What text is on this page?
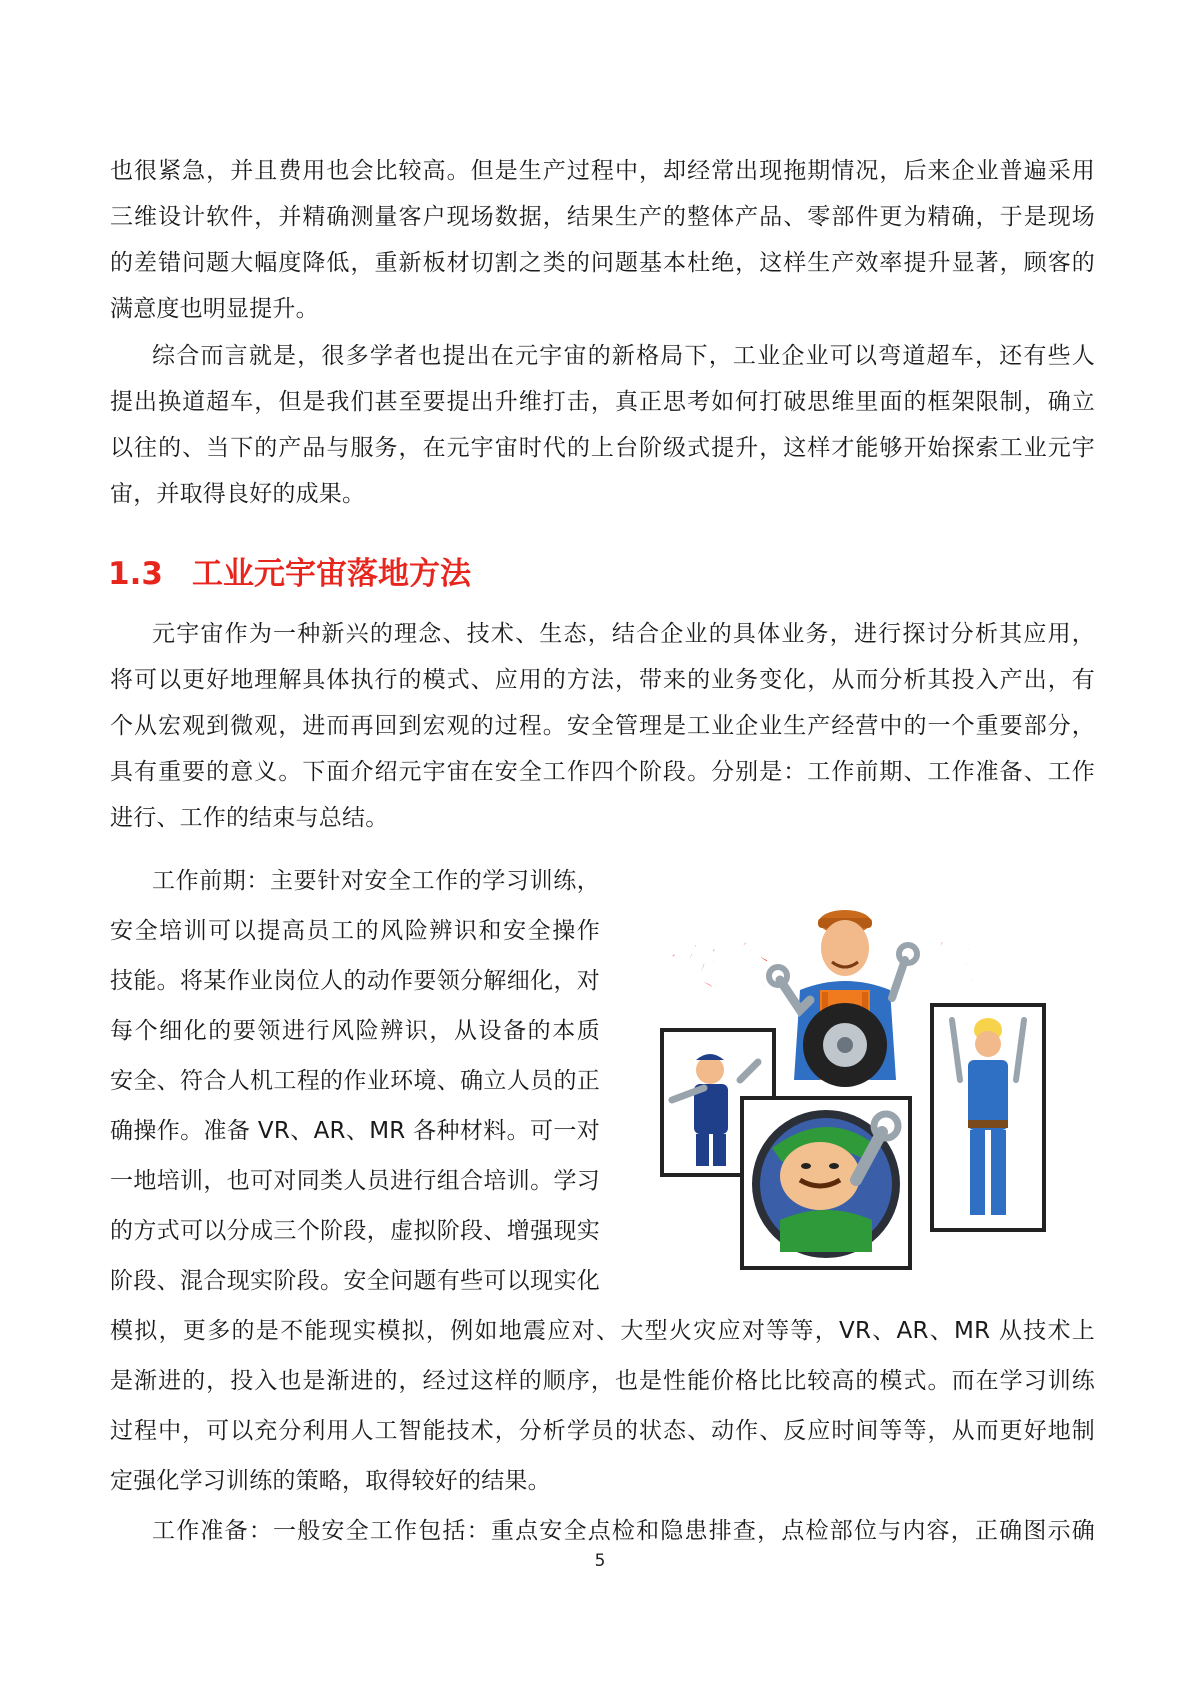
也很紧急，并且费用也会比较高。但是生产过程中，却经常出现拖期情况，后来企业普遍采用
三维设计软件，并精确测量客户现场数据，结果生产的整体产品、零部件更为精确，于是现场
的差错问题大幅度降低，重新板材切割之类的问题基本杜绝，这样生产效率提升显著，顾客的
满意度也明显提升。
综合而言就是，很多学者也提出在元宇宙的新格局下，工业企业可以弯道超车，还有些人
提出换道超车，但是我们甚至要提出升维打击，真正思考如何打破思维里面的框架限制，确立
以往的、当下的产品与服务，在元宇宙时代的上台阶级式提升，这样才能够开始探索工业元宇
宙，并取得良好的成果。
1.3 工业元宇宙落地方法
元宇宙作为一种新兴的理念、技术、生态，结合企业的具体业务，进行探讨分析其应用，
将可以更好地理解具体执行的模式、应用的方法，带来的业务变化，从而分析其投入产出，有
个从宏观到微观，进而再回到宏观的过程。安全管理是工业企业生产经营中的一个重要部分，
具有重要的意义。下面介绍元宇宙在安全工作四个阶段。分别是：工作前期、工作准备、工作
进行、工作的结束与总结。
工作前期：主要针对安全工作的学习训练，
安全培训可以提高员工的风险辨识和安全操作
技能。将某作业岗位人的动作要领分解细化，对
每个细化的要领进行风险辨识，从设备的本质
安全、符合人机工程的作业环境、确立人员的正
确操作。准备 VR、AR、MR 各种材料。可一对
一地培训，也可对同类人员进行组合培训。学习
的方式可以分成三个阶段，虚拟阶段、增强现实
阶段、混合现实阶段。安全问题有些可以现实化
模拟，更多的是不能现实模拟，例如地震应对、大型火灾应对等等，VR、AR、MR 从技术上
是渐进的，投入也是渐进的，经过这样的顺序，也是性能价格比比较高的模式。而在学习训练
过程中，可以充分利用人工智能技术，分析学员的状态、动作、反应时间等等，从而更好地制
定强化学习训练的策略，取得较好的结果。
工作准备：一般安全工作包括：重点安全点检和隐患排查，点检部位与内容，正确图示确
安全	生产
5
